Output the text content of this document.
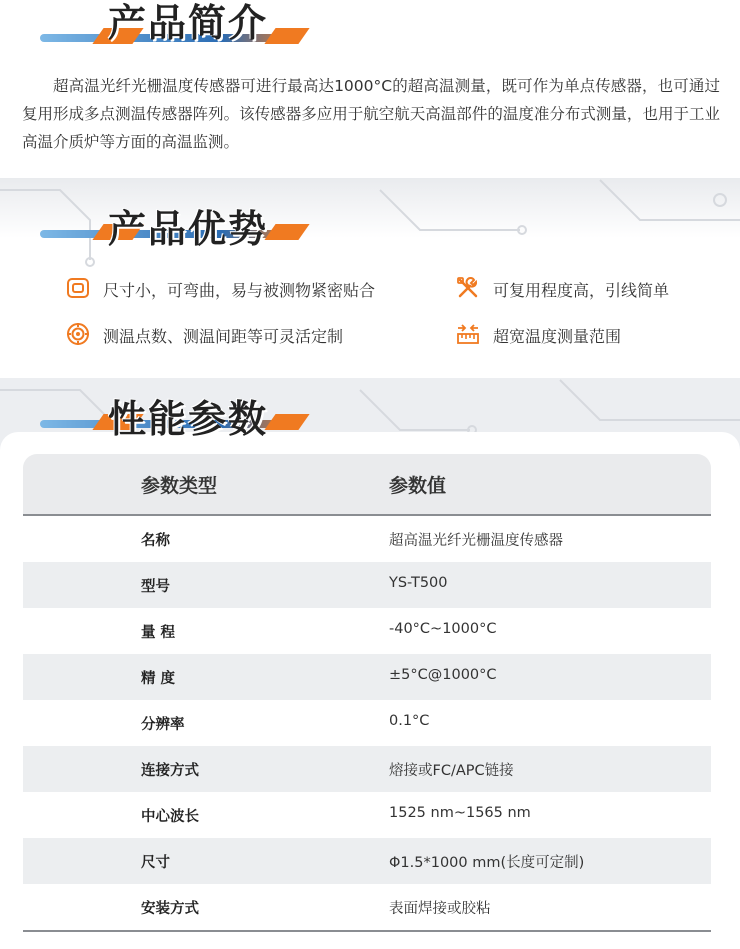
产品简介
超高温光纤光栅温度传感器可进行最高达1000°C的超高温测量，既可作为单点传感器，也可通过复用形成多点测温传感器阵列。该传感器多应用于航空航天高温部件的温度准分布式测量，也用于工业高温介质炉等方面的高温监测。
产品优势
尺寸小，可弯曲，易与被测物紧密贴合	可复用程度高，引线简单
测温点数、测温间距等可灵活定制	超宽温度测量范围
性能参数
参数类型	参数值
名称	超高温光纤光栅温度传感器
型号	YS-T500
量 程	-40°C~1000°C
精 度	±5°C@1000°C
分辨率	0.1°C
连接方式	熔接或FC/APC链接
中心波长	1525 nm~1565 nm
尺寸	Φ1.5*1000 mm(长度可定制)
安装方式	表面焊接或胶粘
